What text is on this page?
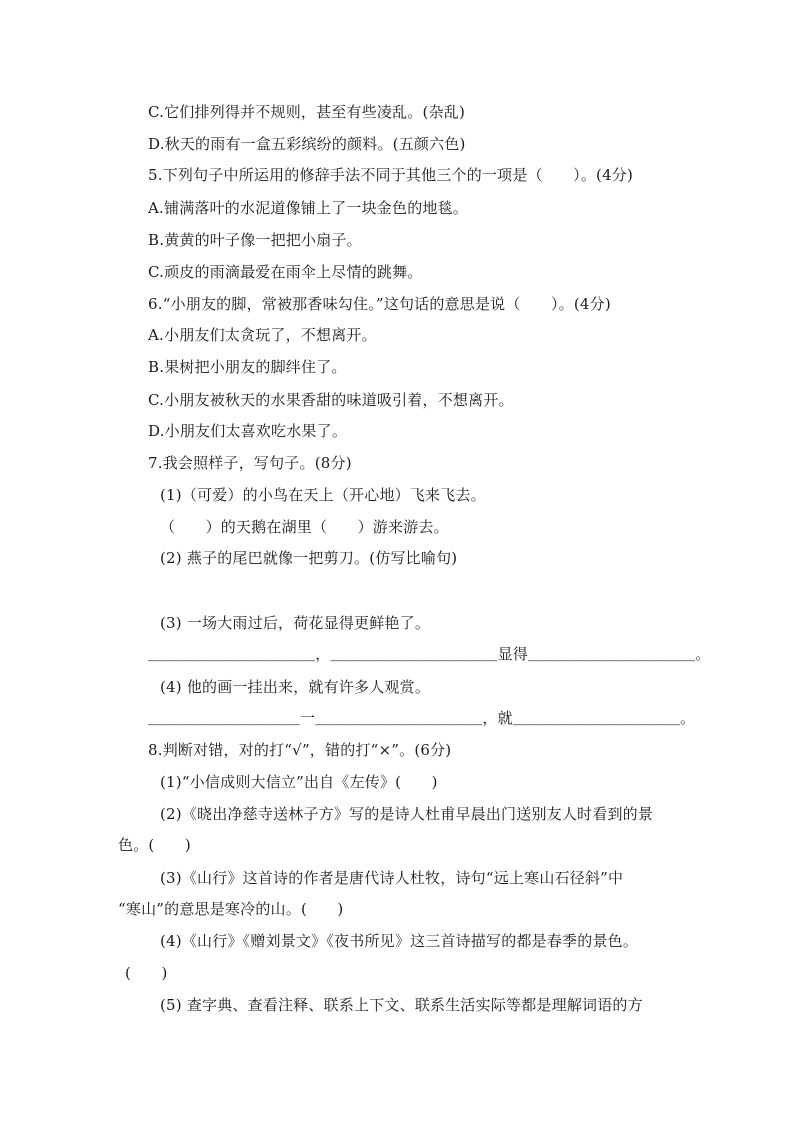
C.它们排列得并不规则，甚至有些凌乱。(杂乱)
D.秋天的雨有一盒五彩缤纷的颜料。(五颜六色)
5.下列句子中所运用的修辞手法不同于其他三个的一项是（　　）。(4分)
A.铺满落叶的水泥道像铺上了一块金色的地毯。
B.黄黄的叶子像一把把小扇子。
C.顽皮的雨滴最爱在雨伞上尽情的跳舞。
6.“小朋友的脚，常被那香味勾住。”这句话的意思是说（　　）。(4分)
A.小朋友们太贪玩了，不想离开。
B.果树把小朋友的脚绊住了。
C.小朋友被秋天的水果香甜的味道吸引着，不想离开。
D.小朋友们太喜欢吃水果了。
7.我会照样子，写句子。(8分)
(1)（可爱）的小鸟在天上（开心地）飞来飞去。
（　　）的天鹅在湖里（　　）游来游去。
(2) 燕子的尾巴就像一把剪刀。(仿写比喻句)
(3) 一场大雨过后，荷花显得更鲜艳了。
＿＿＿＿＿＿＿＿＿＿＿，＿＿＿＿＿＿＿＿＿＿＿显得＿＿＿＿＿＿＿＿＿＿＿。
(4) 他的画一挂出来，就有许多人观赏。
＿＿＿＿＿＿＿＿＿＿一＿＿＿＿＿＿＿＿＿＿＿，就＿＿＿＿＿＿＿＿＿＿＿。
8.判断对错，对的打“√”，错的打“×”。(6分)
(1)“小信成则大信立”出自《左传》(　　)
(2)《晓出净慈寺送林子方》写的是诗人杜甫早晨出门送别友人时看到的景
色。(　　)
(3)《山行》这首诗的作者是唐代诗人杜牧，诗句“远上寒山石径斜”中
“寒山”的意思是寒冷的山。(　　)
(4)《山行》《赠刘景文》《夜书所见》这三首诗描写的都是春季的景色。
(　　)
(5) 查字典、查看注释、联系上下文、联系生活实际等都是理解词语的方
